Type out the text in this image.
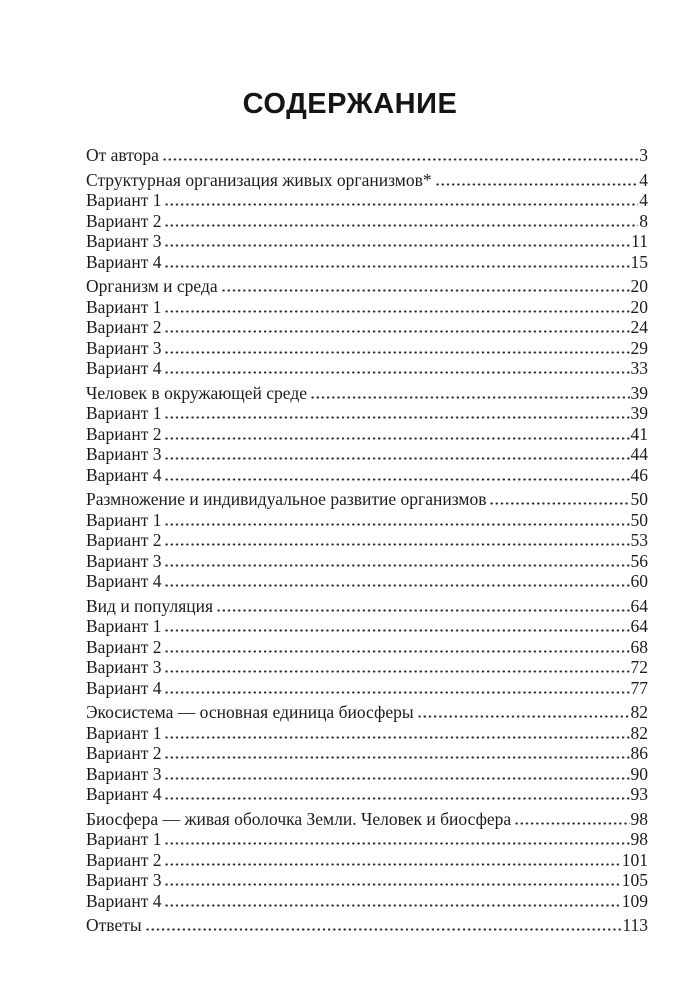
СОДЕРЖАНИЕ
От автора	3
Структурная организация живых организмов*	4
Вариант 1	4
Вариант 2	8
Вариант 3	11
Вариант 4	15
Организм и среда	20
Вариант 1	20
Вариант 2	24
Вариант 3	29
Вариант 4	33
Человек в окружающей среде	39
Вариант 1	39
Вариант 2	41
Вариант 3	44
Вариант 4	46
Размножение и индивидуальное развитие организмов	50
Вариант 1	50
Вариант 2	53
Вариант 3	56
Вариант 4	60
Вид и популяция	64
Вариант 1	64
Вариант 2	68
Вариант 3	72
Вариант 4	77
Экосистема — основная единица биосферы	82
Вариант 1	82
Вариант 2	86
Вариант 3	90
Вариант 4	93
Биосфера — живая оболочка Земли. Человек и биосфера	98
Вариант 1	98
Вариант 2	101
Вариант 3	105
Вариант 4	109
Ответы	113
